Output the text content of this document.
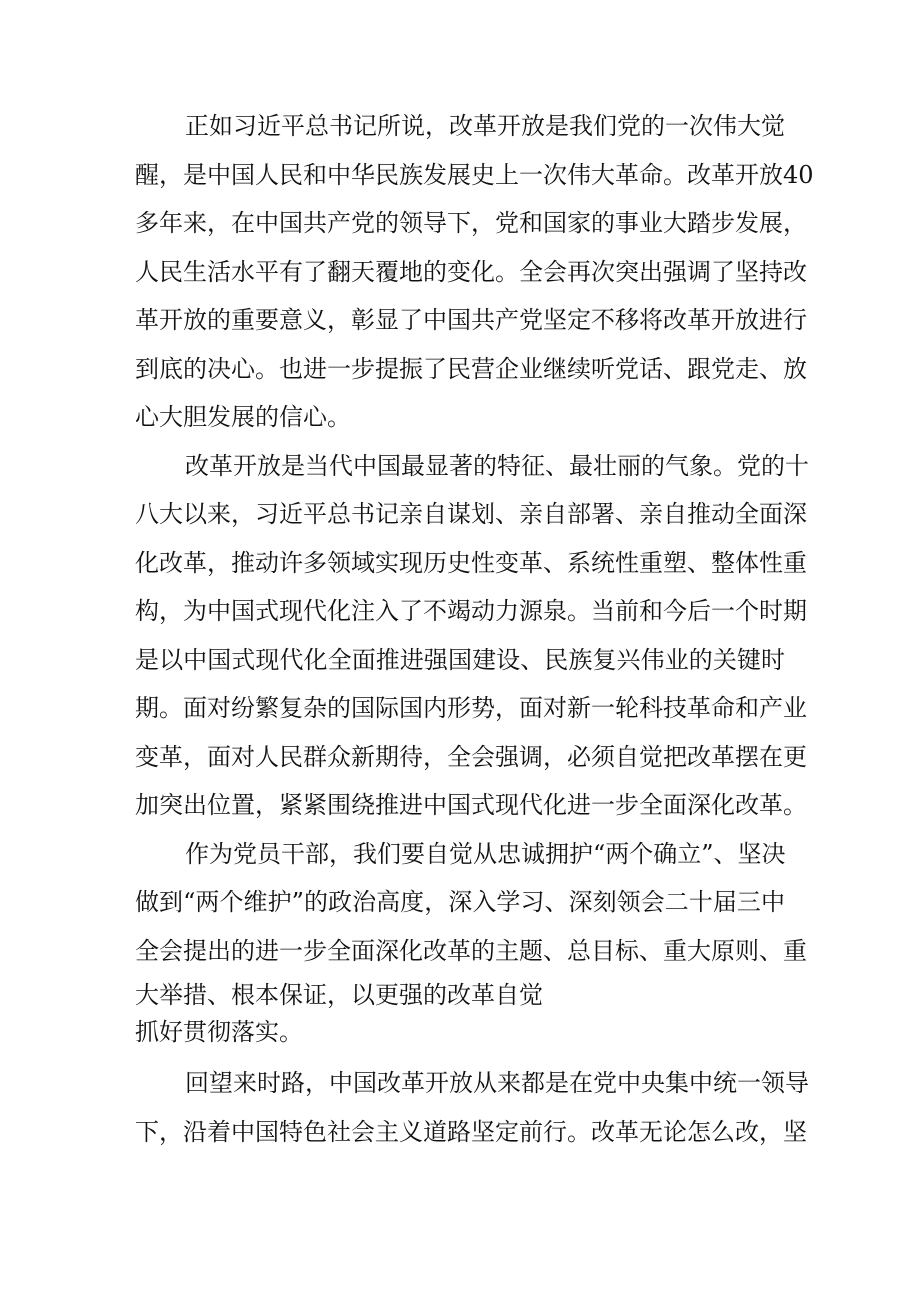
正如习近平总书记所说，改革开放是我们党的一次伟大觉
醒，是中国人民和中华民族发展史上一次伟大革命。改革开放40
多年来，在中国共产党的领导下，党和国家的事业大踏步发展，
人民生活水平有了翻天覆地的变化。全会再次突出强调了坚持改
革开放的重要意义，彰显了中国共产党坚定不移将改革开放进行
到底的决心。也进一步提振了民营企业继续听党话、跟党走、放
心大胆发展的信心。
改革开放是当代中国最显著的特征、最壮丽的气象。党的十
八大以来，习近平总书记亲自谋划、亲自部署、亲自推动全面深
化改革，推动许多领域实现历史性变革、系统性重塑、整体性重
构，为中国式现代化注入了不竭动力源泉。当前和今后一个时期
是以中国式现代化全面推进强国建设、民族复兴伟业的关键时
期。面对纷繁复杂的国际国内形势，面对新一轮科技革命和产业
变革，面对人民群众新期待，全会强调，必须自觉把改革摆在更
加突出位置，紧紧围绕推进中国式现代化进一步全面深化改革。
作为党员干部，我们要自觉从忠诚拥护“两个确立”、坚决
做到“两个维护”的政治高度，深入学习、深刻领会二十届三中
全会提出的进一步全面深化改革的主题、总目标、重大原则、重
大举措、根本保证，以更强的改革自觉
抓好贯彻落实。
回望来时路，中国改革开放从来都是在党中央集中统一领导
下，沿着中国特色社会主义道路坚定前行。改革无论怎么改，坚
